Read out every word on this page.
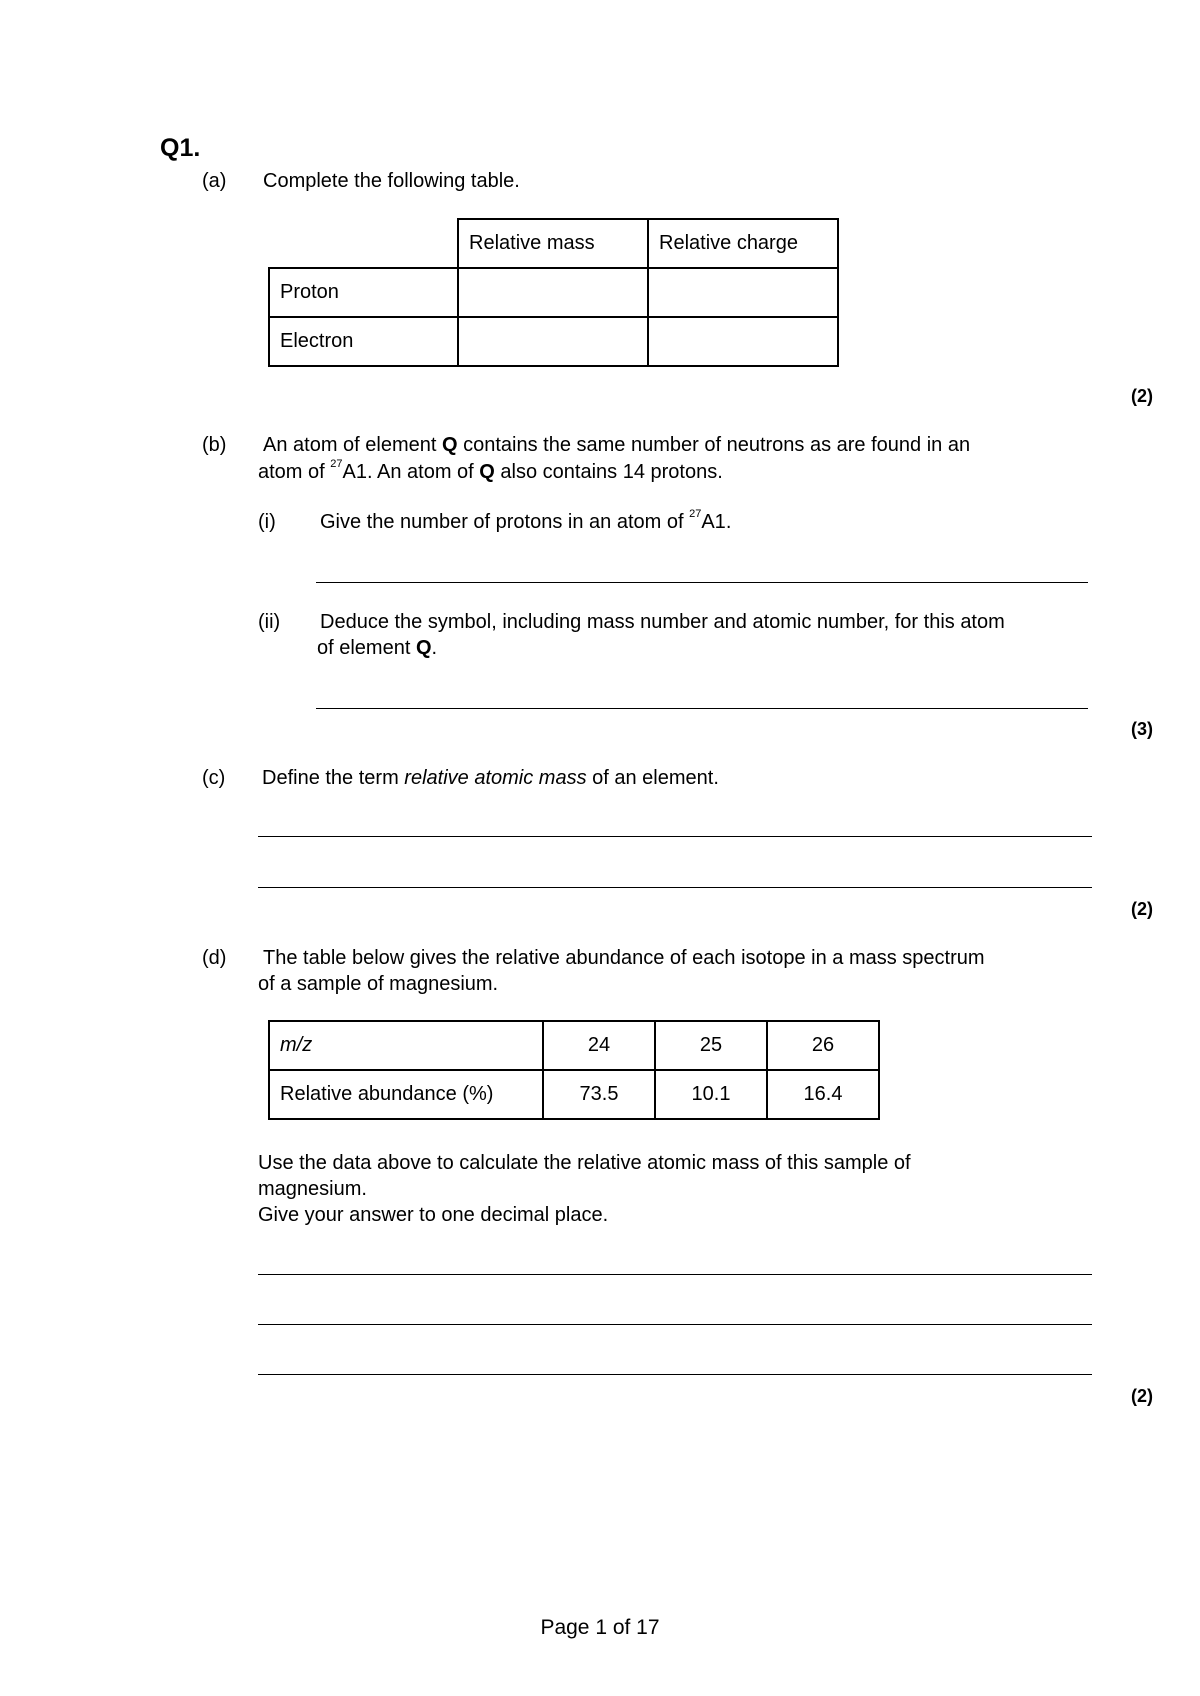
Q1.
(a) Complete the following table.
	Relative mass	Relative charge
Proton		
Electron		
(2)
(b) An atom of element Q contains the same number of neutrons as are found in an
atom of $^{27}$A1. An atom of Q also contains 14 protons.
(i) Give the number of protons in an atom of $^{27}$A1.
(ii) Deduce the symbol, including mass number and atomic number, for this atom
of element Q.
(3)
(c) Define the term relative atomic mass of an element.
(2)
(d) The table below gives the relative abundance of each isotope in a mass spectrum
of a sample of magnesium.
m/z	24	25	26
Relative abundance (%)	73.5	10.1	16.4
Use the data above to calculate the relative atomic mass of this sample of
magnesium.
Give your answer to one decimal place.
(2)
Page 1 of 17
